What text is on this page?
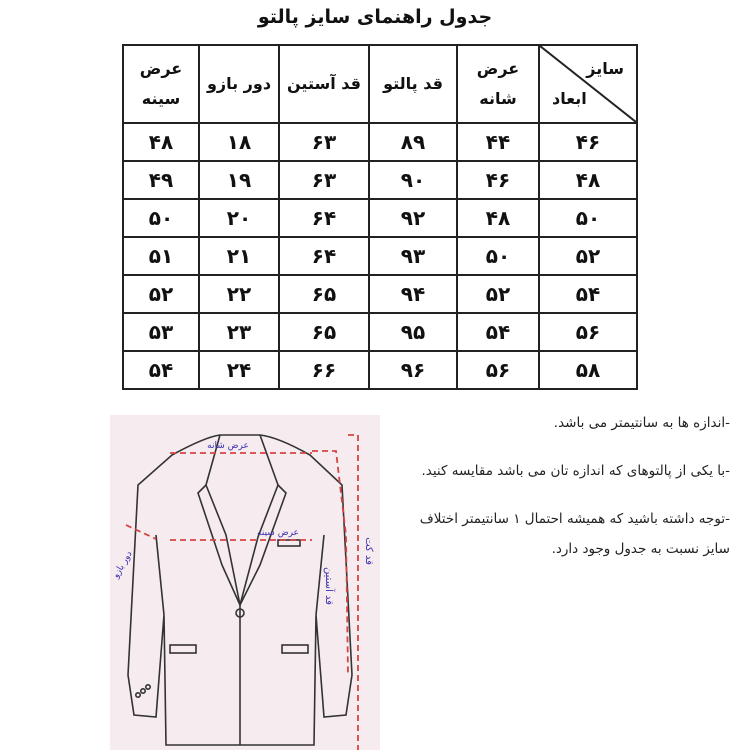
جدول راهنمای سایز پالتو
سایز
ابعاد	عرض شانه	قد پالتو	قد آستین	دور بازو	عرض سینه
۴۶	۴۴	۸۹	۶۳	۱۸	۴۸
۴۸	۴۶	۹۰	۶۳	۱۹	۴۹
۵۰	۴۸	۹۲	۶۴	۲۰	۵۰
۵۲	۵۰	۹۳	۶۴	۲۱	۵۱
۵۴	۵۲	۹۴	۶۵	۲۲	۵۲
۵۶	۵۴	۹۵	۶۵	۲۳	۵۳
۵۸	۵۶	۹۶	۶۶	۲۴	۵۴
عرض شانه
عرض سینه
دور بازو
قد آستین
قد کت
-اندازه ها به سانتیمتر می باشد.
-با یکی از پالتوهای که اندازه تان می باشد مقایسه کنید.
-توجه داشته باشید که همیشه احتمال ۱ سانتیمتر اختلاف سایز نسبت به جدول وجود دارد.
